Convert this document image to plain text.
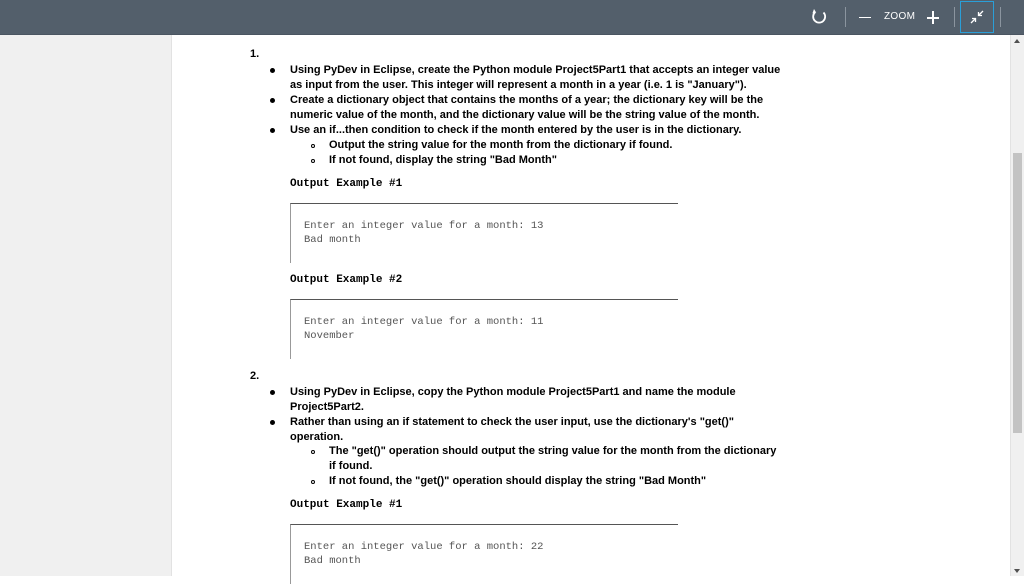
ZOOM
1.
Using PyDev in Eclipse, create the Python module Project5Part1 that accepts an integer value
as input from the user. This integer will represent a month in a year (i.e. 1 is "January").
Create a dictionary object that contains the months of a year; the dictionary key will be the
numeric value of the month, and the dictionary value will be the string value of the month.
Use an if...then condition to check if the month entered by the user is in the dictionary.
Output the string value for the month from the dictionary if found.
If not found, display the string "Bad Month"
Output Example #1
Enter an integer value for a month: 13
Bad month
Output Example #2
Enter an integer value for a month: 11
November
2.
Using PyDev in Eclipse, copy the Python module Project5Part1 and name the module
Project5Part2.
Rather than using an if statement to check the user input, use the dictionary's "get()"
operation.
The "get()" operation should output the string value for the month from the dictionary
if found.
If not found, the "get()" operation should display the string "Bad Month"
Output Example #1
Enter an integer value for a month: 22
Bad month
